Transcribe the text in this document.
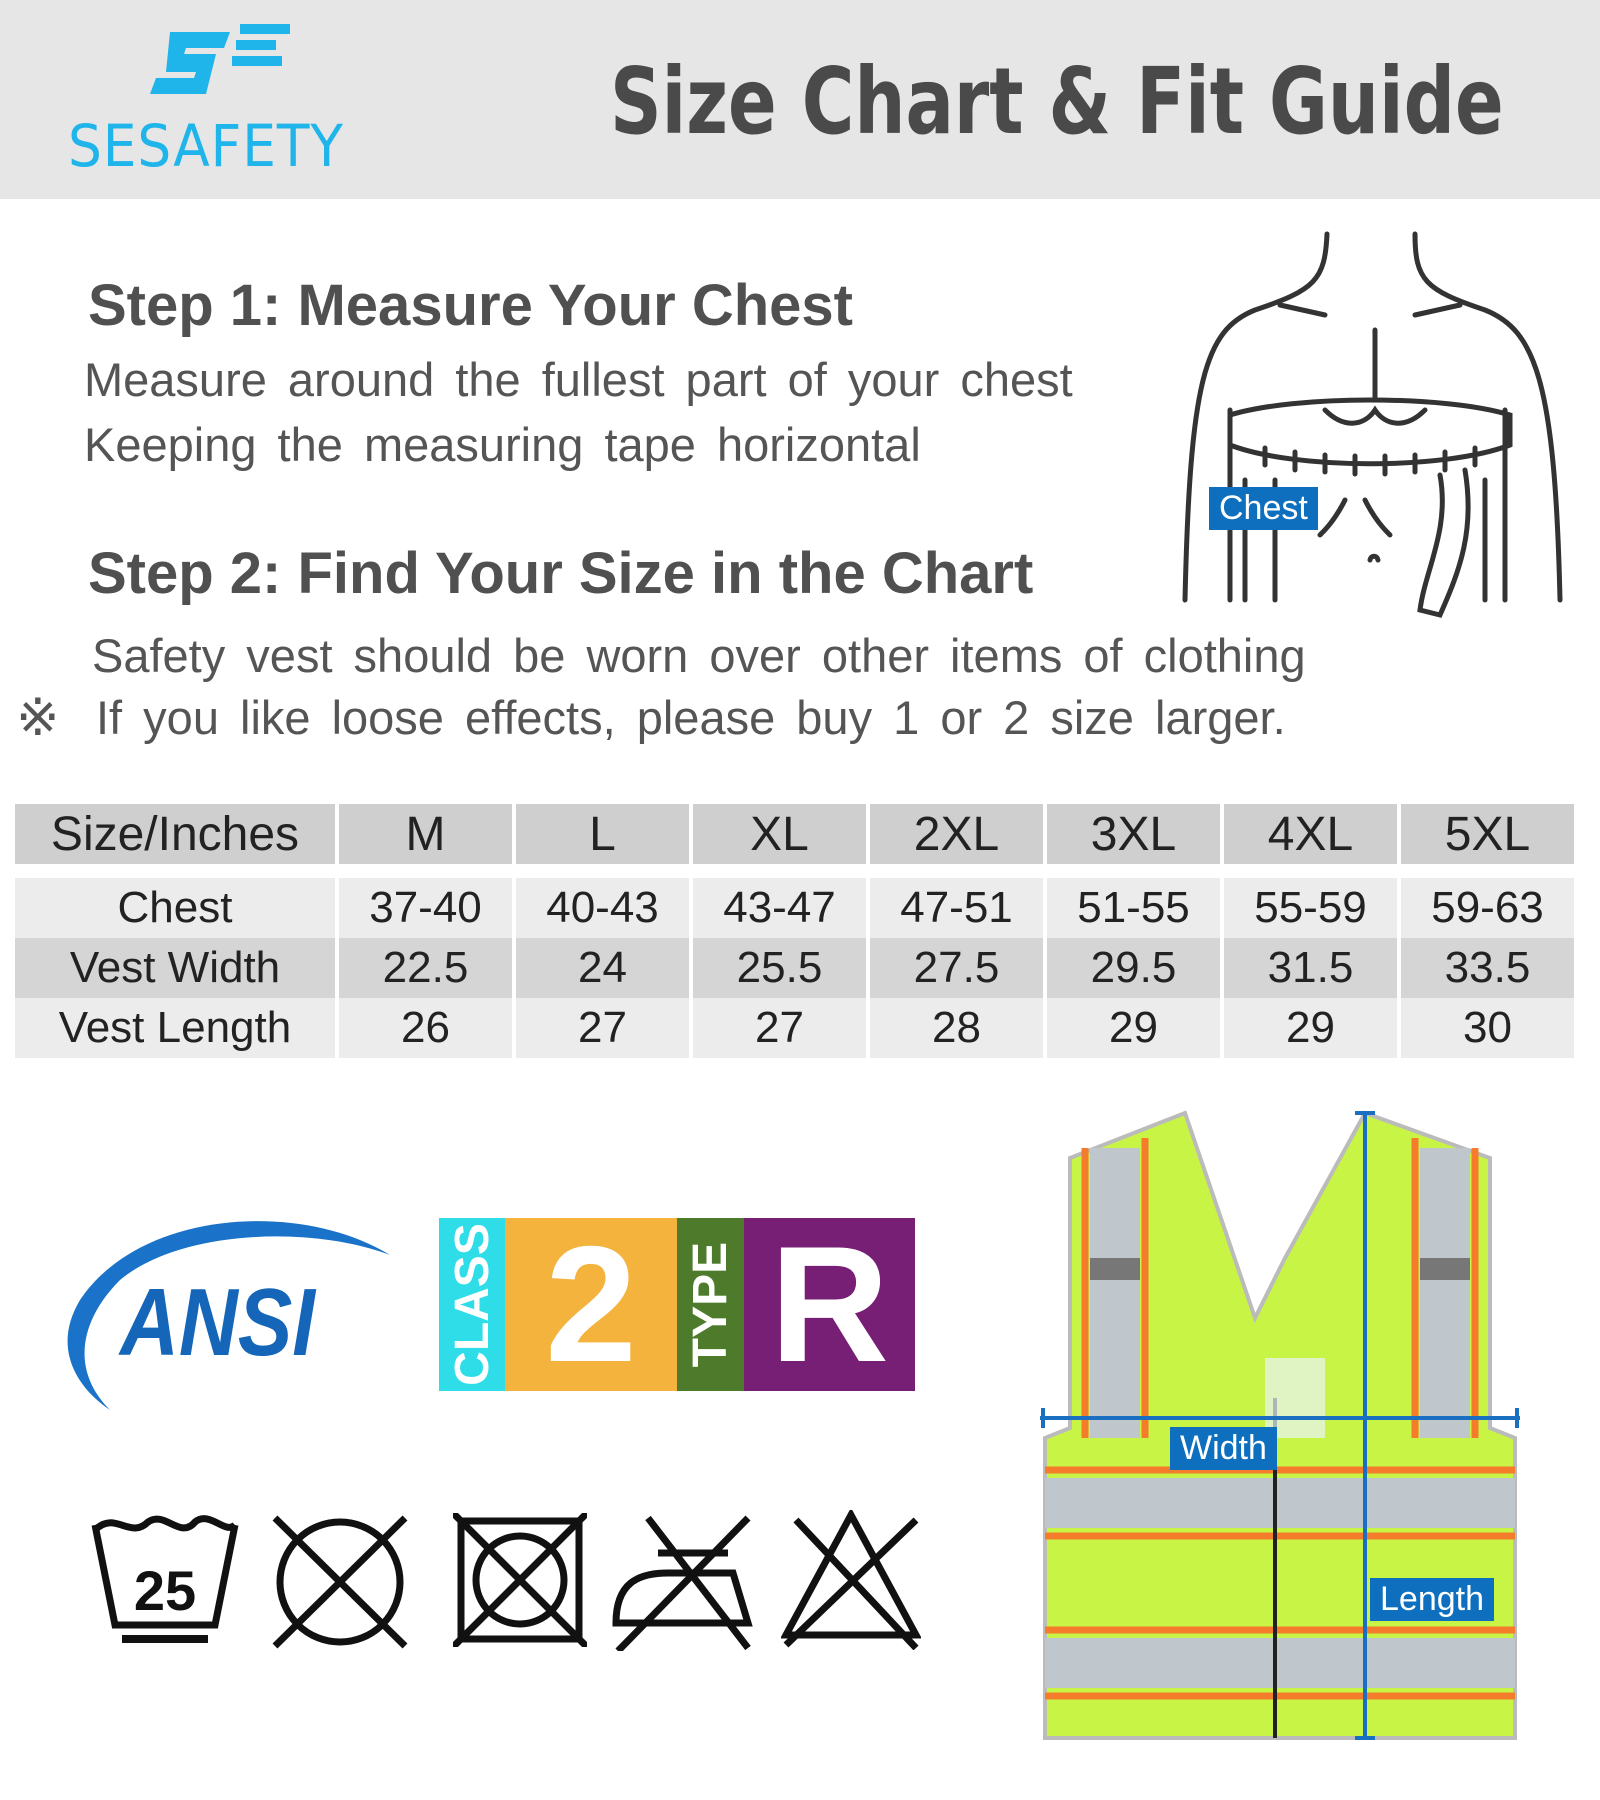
SESAFETY	Size Chart & Fit Guide
Step 1: Measure Your Chest
Measure around the fullest part of your chest
Keeping the measuring tape horizontal
Chest
Step 2: Find Your Size in the Chart
Safety vest should be worn over other items of clothing
※ If you like loose effects, please buy 1 or 2 size larger.
Size/Inches	M	L	XL	2XL	3XL	4XL	5XL

Chest	37-40	40-43	43-47	47-51	51-55	55-59	59-63
Vest Width	22.5	24	25.5	27.5	29.5	31.5	33.5
Vest Length	26	27	27	28	29	29	30
ANSI	CLASS 2 TYPE R
25
Width
Length
